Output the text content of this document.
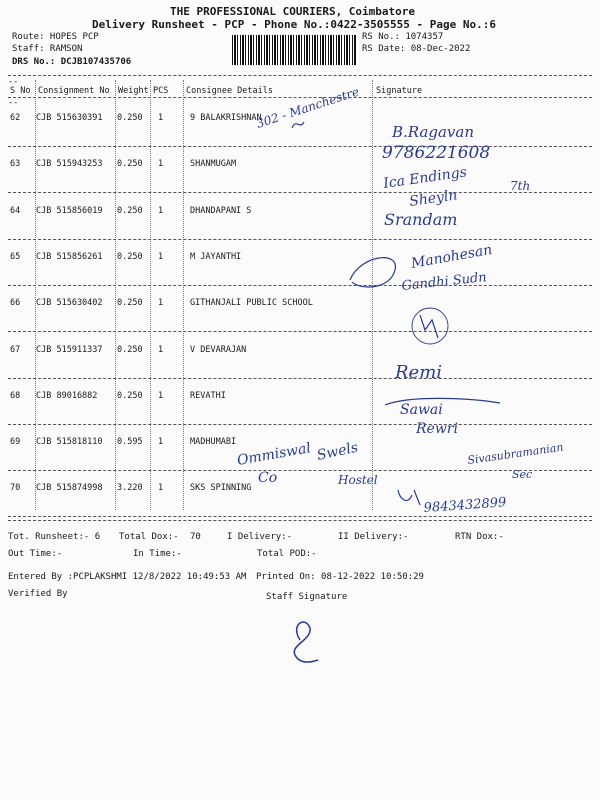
THE PROFESSIONAL COURIERS, Coimbatore
Delivery Runsheet - PCP - Phone No.:0422-3505555 - Page No.:6
Route: HOPES PCP
Staff: RAMSON
DRS No.: DCJB107435706
RS No.: 1074357
RS Date: 08-Dec-2022
--
S No Consignment No Weight PCS Consignee Details	Signature
--
62 CJB 515630391 0.250 1	9 BALAKRISHNAN
63 CJB 515943253 0.250 1	SHANMUGAM
64 CJB 515856019 0.250 1	DHANDAPANI S
65 CJB 515856261 0.250 1	M JAYANTHI
66 CJB 515630402 0.250 1	GITHANJALI PUBLIC SCHOOL
67 CJB 515911337 0.250 1	V DEVARAJAN
68 CJB 89016882 0.250 1	REVATHI
69 CJB 515818110 0.595 1	MADHUMABI
70 CJB 515874998 3.220 1	SKS SPINNING
Tot. Runsheet:- 6 Total Dox:- 70	I Delivery:-	II Delivery:-	RTN Dox:-
Out Time:-	In Time:-	Total POD:-
Entered By :PCPLAKSHMI 12/8/2022 10:49:53 AM Printed On: 08-12-2022 10:50:29
Verified By	Staff Signature
302 - Manchestre
B.Ragavan
9786221608
Ica Endings
Sheyln
7th
Srandam
Manohesan
Gandhi Sudn
Remi
Sawai
Rewri
Ommiswal
Co
Swels
Hostel
Sivasubramanian
Sec
9843432899
